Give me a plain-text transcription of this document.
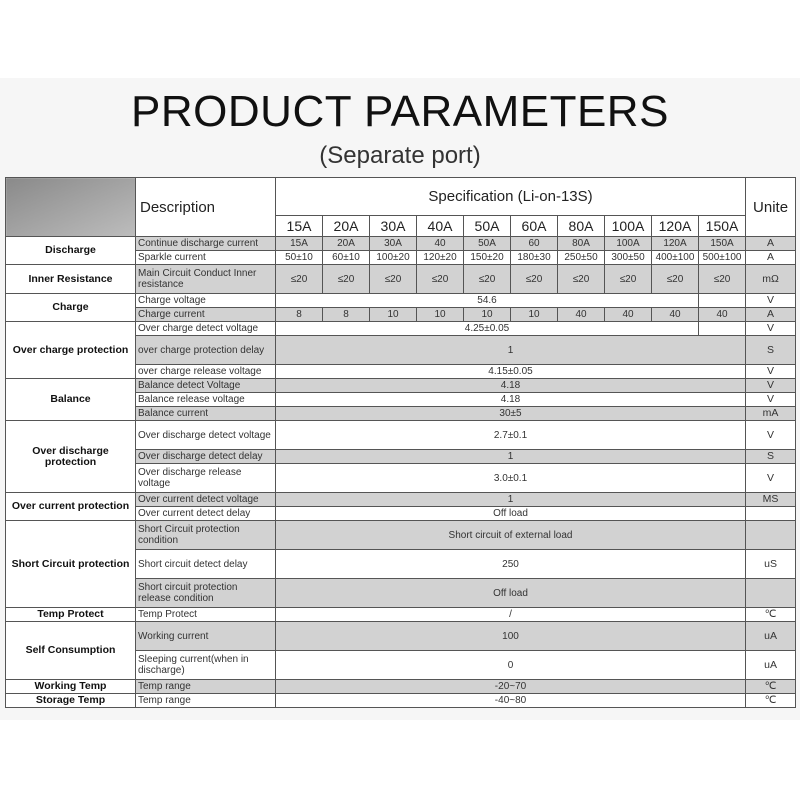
PRODUCT PARAMETERS
(Separate port)
	Description	Specification (Li-on-13S)										Unite
		15A	20A	30A	40A	50A	60A	80A	100A	120A	150A	
Discharge	Continue discharge current	15A	20A	30A	40	50A	60	80A	100A	120A	150A	A
	Sparkle current	50±10	60±10	100±20	120±20	150±20	180±30	250±50	300±50	400±100	500±100	A
Inner Resistance	Main Circuit Conduct Inner resistance	≤20	≤20	≤20	≤20	≤20	≤20	≤20	≤20	≤20	≤20	mΩ
Charge	Charge voltage	54.6										V
	Charge current	8	8	10	10	10	10	40	40	40	40	A
Over charge protection	Over charge detect voltage	4.25±0.05										V
	over charge protection delay	1										S
	over charge release voltage	4.15±0.05										V
Balance	Balance detect Voltage	4.18										V
	Balance release voltage	4.18										V
	Balance current	30±5										mA
Over discharge protection	Over discharge detect voltage	2.7±0.1										V
	Over discharge detect delay	1										S
	Over discharge release voltage	3.0±0.1										V
Over current protection	Over current detect voltage	1										MS
	Over current detect delay	Off load										
Short Circuit protection	Short Circuit protection condition	Short circuit of external load										
	Short circuit detect delay	250										uS
	Short circuit protection release condition	Off load										
Temp Protect	Temp Protect	/										℃
Self Consumption	Working current	100										uA
	Sleeping current(when in discharge)	0										uA
Working Temp	Temp range	-20~70										℃
Storage Temp	Temp range	-40~80										℃
